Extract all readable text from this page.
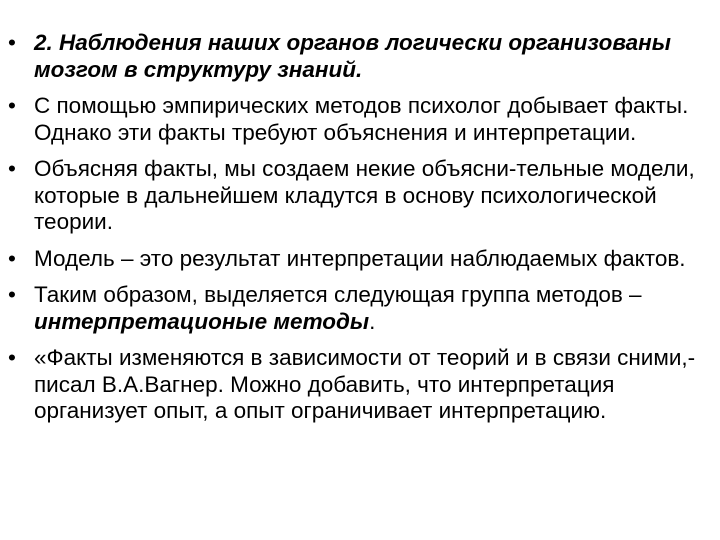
• 2. Наблюдения наших органов логически организованы мозгом в структуру знаний.
• С помощью эмпирических методов психолог добывает факты. Однако эти факты требуют объяснения и интерпретации.
• Объясняя факты, мы создаем некие объясни-тельные модели, которые в дальнейшем кладутся в основу психологической теории.
• Модель – это результат интерпретации наблюдаемых фактов.
• Таким образом, выделяется следующая группа методов – интерпретационые методы.
• «Факты изменяются в зависимости от теорий и в связи сними,- писал В.А.Вагнер. Можно добавить, что интерпретация организует опыт, а опыт ограничивает интерпретацию.
